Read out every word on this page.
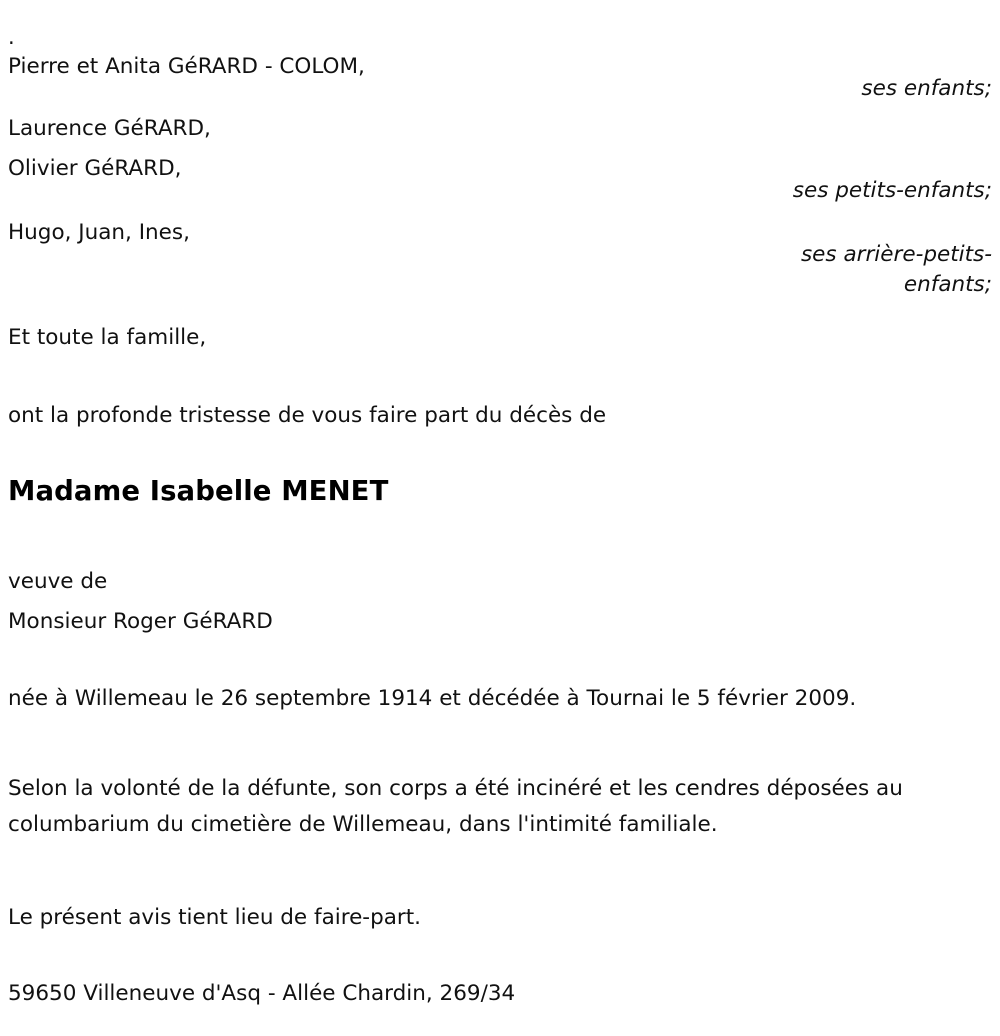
.
Pierre et Anita GéRARD - COLOM,
ses enfants;
Laurence GéRARD,
Olivier GéRARD,
ses petits-enfants;
Hugo, Juan, Ines,
ses arrière-petits-enfants;
Et toute la famille,
ont la profonde tristesse de vous faire part du décès de
Madame Isabelle MENET
veuve de
Monsieur Roger GéRARD
née à Willemeau le 26 septembre 1914 et décédée à Tournai le 5 février 2009.
Selon la volonté de la défunte, son corps a été incinéré et les cendres déposées au columbarium du cimetière de Willemeau, dans l'intimité familiale.
Le présent avis tient lieu de faire-part.
59650 Villeneuve d'Asq - Allée Chardin, 269/34
